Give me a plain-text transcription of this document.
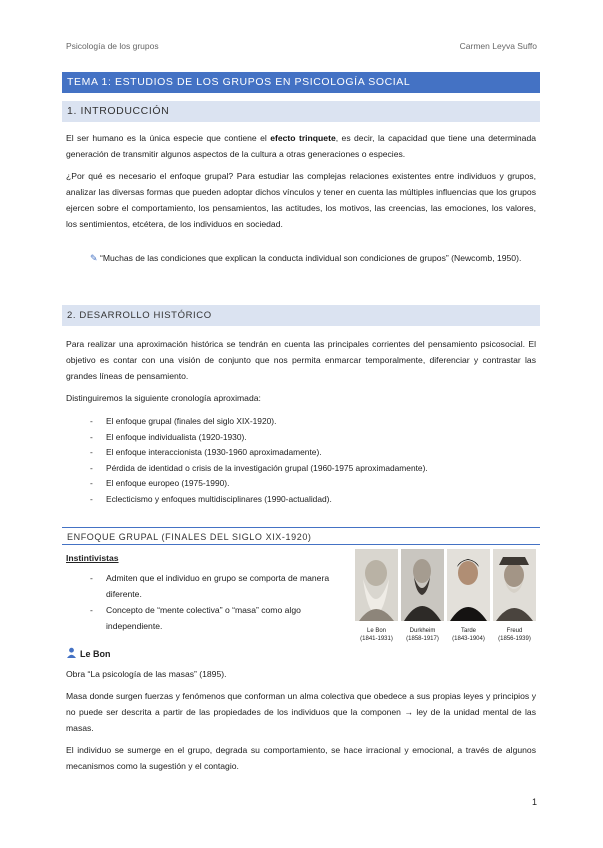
Psicología de los grupos	Carmen Leyva Suffo
TEMA 1: ESTUDIOS DE LOS GRUPOS EN PSICOLOGÍA SOCIAL
1. INTRODUCCIÓN

El ser humano es la única especie que contiene el efecto trinquete, es decir, la capacidad que tiene una determinada generación de transmitir algunos aspectos de la cultura a otras generaciones o especies.

¿Por qué es necesario el enfoque grupal? Para estudiar las complejas relaciones existentes entre individuos y grupos, analizar las diversas formas que pueden adoptar dichos vínculos y tener en cuenta las múltiples influencias que los grupos ejercen sobre el comportamiento, los pensamientos, las actitudes, los motivos, las creencias, las emociones, los valores, los sentimientos, etcétera, de los individuos en sociedad.

✎ “Muchas de las condiciones que explican la conducta individual son condiciones de grupos” (Newcomb, 1950).

2. DESARROLLO HISTÓRICO

Para realizar una aproximación histórica se tendrán en cuenta las principales corrientes del pensamiento psicosocial. El objetivo es contar con una visión de conjunto que nos permita enmarcar temporalmente, diferenciar y contrastar las grandes líneas de pensamiento.

Distinguiremos la siguiente cronología aproximada:

- El enfoque grupal (finales del siglo XIX-1920).
- El enfoque individualista (1920-1930).
- El enfoque interaccionista (1930-1960 aproximadamente).
- Pérdida de identidad o crisis de la investigación grupal (1960-1975 aproximadamente).
- El enfoque europeo (1975-1990).
- Eclecticismo y enfoques multidisciplinares (1990-actualidad).
ENFOQUE GRUPAL (FINALES DEL SIGLO XIX-1920)
Instintivistas
- Admiten que el individuo en grupo se comporta de manera diferente.
- Concepto de “mente colectiva” o “masa” como algo independiente.	Le Bon
(1841-1931)
Durkheim
(1858-1917)
Tarde
(1843-1904)
Freud
(1856-1939)
Le Bon

Obra “La psicología de las masas” (1895).

Masa donde surgen fuerzas y fenómenos que conforman un alma colectiva que obedece a sus propias leyes y principios y no puede ser descrita a partir de las propiedades de los individuos que la componen → ley de la unidad mental de las masas.

El individuo se sumerge en el grupo, degrada su comportamiento, se hace irracional y emocional, a través de algunos mecanismos como la sugestión y el contagio.

1
